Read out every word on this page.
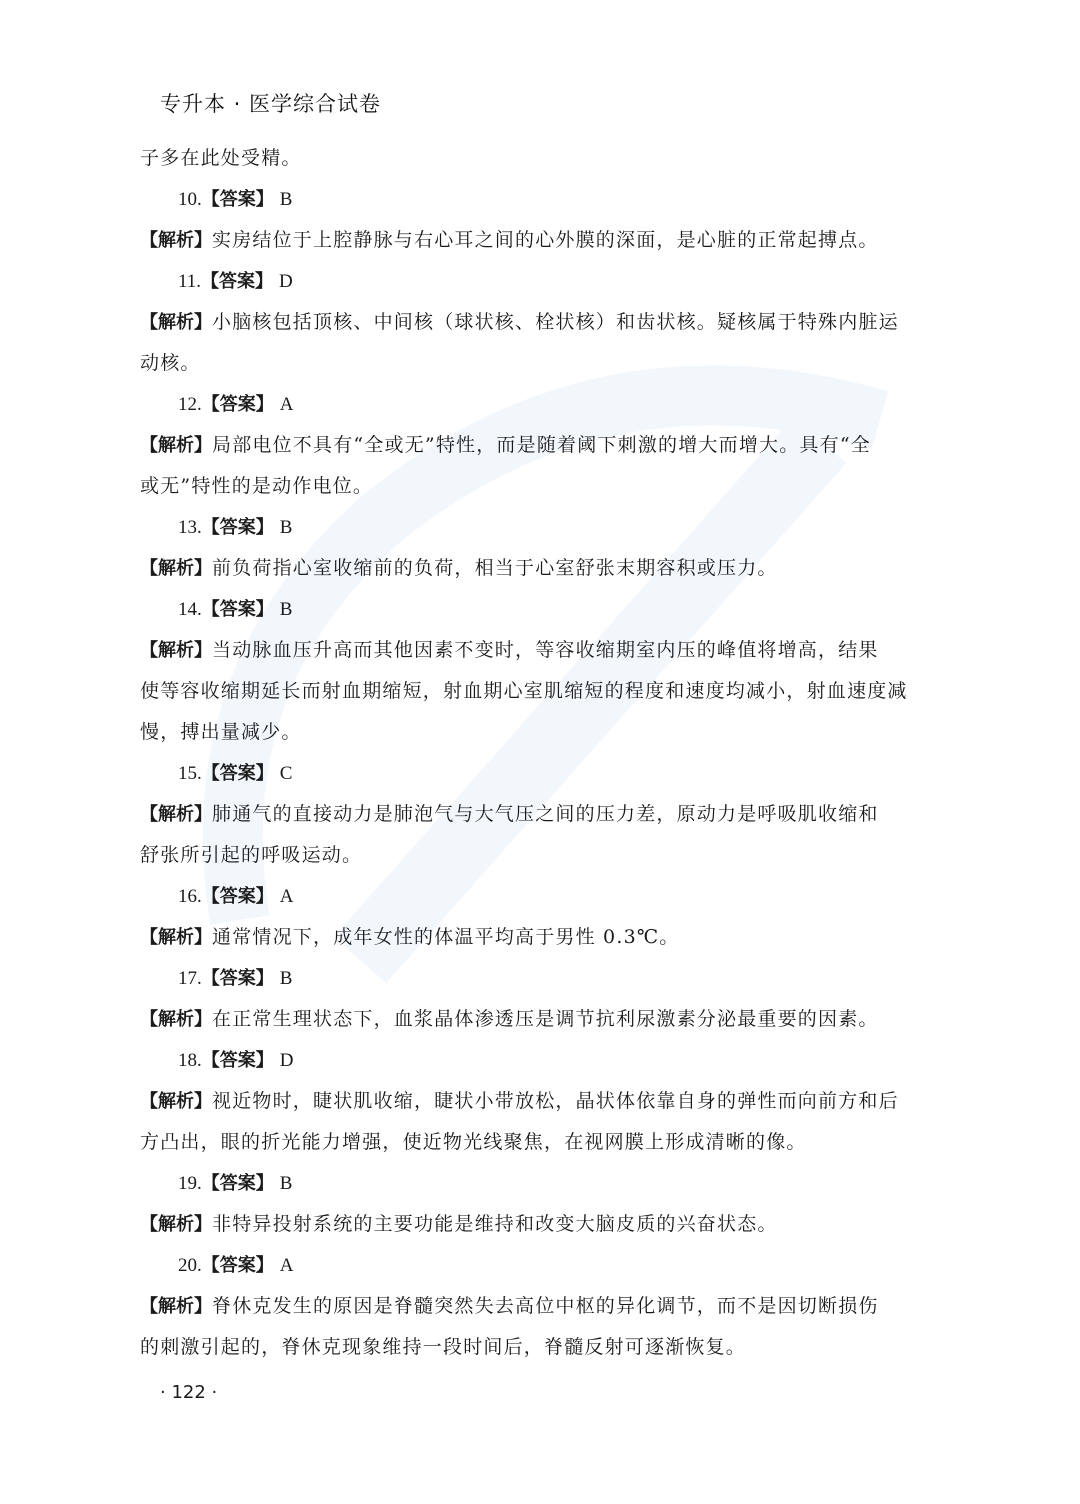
专升本 · 医学综合试卷

子多在此处受精。

10.【答案】 B

【解析】实房结位于上腔静脉与右心耳之间的心外膜的深面，是心脏的正常起搏点。

11.【答案】 D

【解析】小脑核包括顶核、中间核（球状核、栓状核）和齿状核。疑核属于特殊内脏运

动核。

12.【答案】 A

【解析】局部电位不具有“全或无”特性，而是随着阈下刺激的增大而增大。具有“全

或无”特性的是动作电位。

13.【答案】 B

【解析】前负荷指心室收缩前的负荷，相当于心室舒张末期容积或压力。

14.【答案】 B

【解析】当动脉血压升高而其他因素不变时，等容收缩期室内压的峰值将增高，结果

使等容收缩期延长而射血期缩短，射血期心室肌缩短的程度和速度均减小，射血速度减

慢，搏出量减少。

15.【答案】 C

【解析】肺通气的直接动力是肺泡气与大气压之间的压力差，原动力是呼吸肌收缩和

舒张所引起的呼吸运动。

16.【答案】 A

【解析】通常情况下，成年女性的体温平均高于男性 0.3℃。

17.【答案】 B

【解析】在正常生理状态下，血浆晶体渗透压是调节抗利尿激素分泌最重要的因素。

18.【答案】 D

【解析】视近物时，睫状肌收缩，睫状小带放松，晶状体依靠自身的弹性而向前方和后

方凸出，眼的折光能力增强，使近物光线聚焦，在视网膜上形成清晰的像。

19.【答案】 B

【解析】非特异投射系统的主要功能是维持和改变大脑皮质的兴奋状态。

20.【答案】 A

【解析】脊休克发生的原因是脊髓突然失去高位中枢的异化调节，而不是因切断损伤

的刺激引起的，脊休克现象维持一段时间后，脊髓反射可逐渐恢复。

· 122 ·
